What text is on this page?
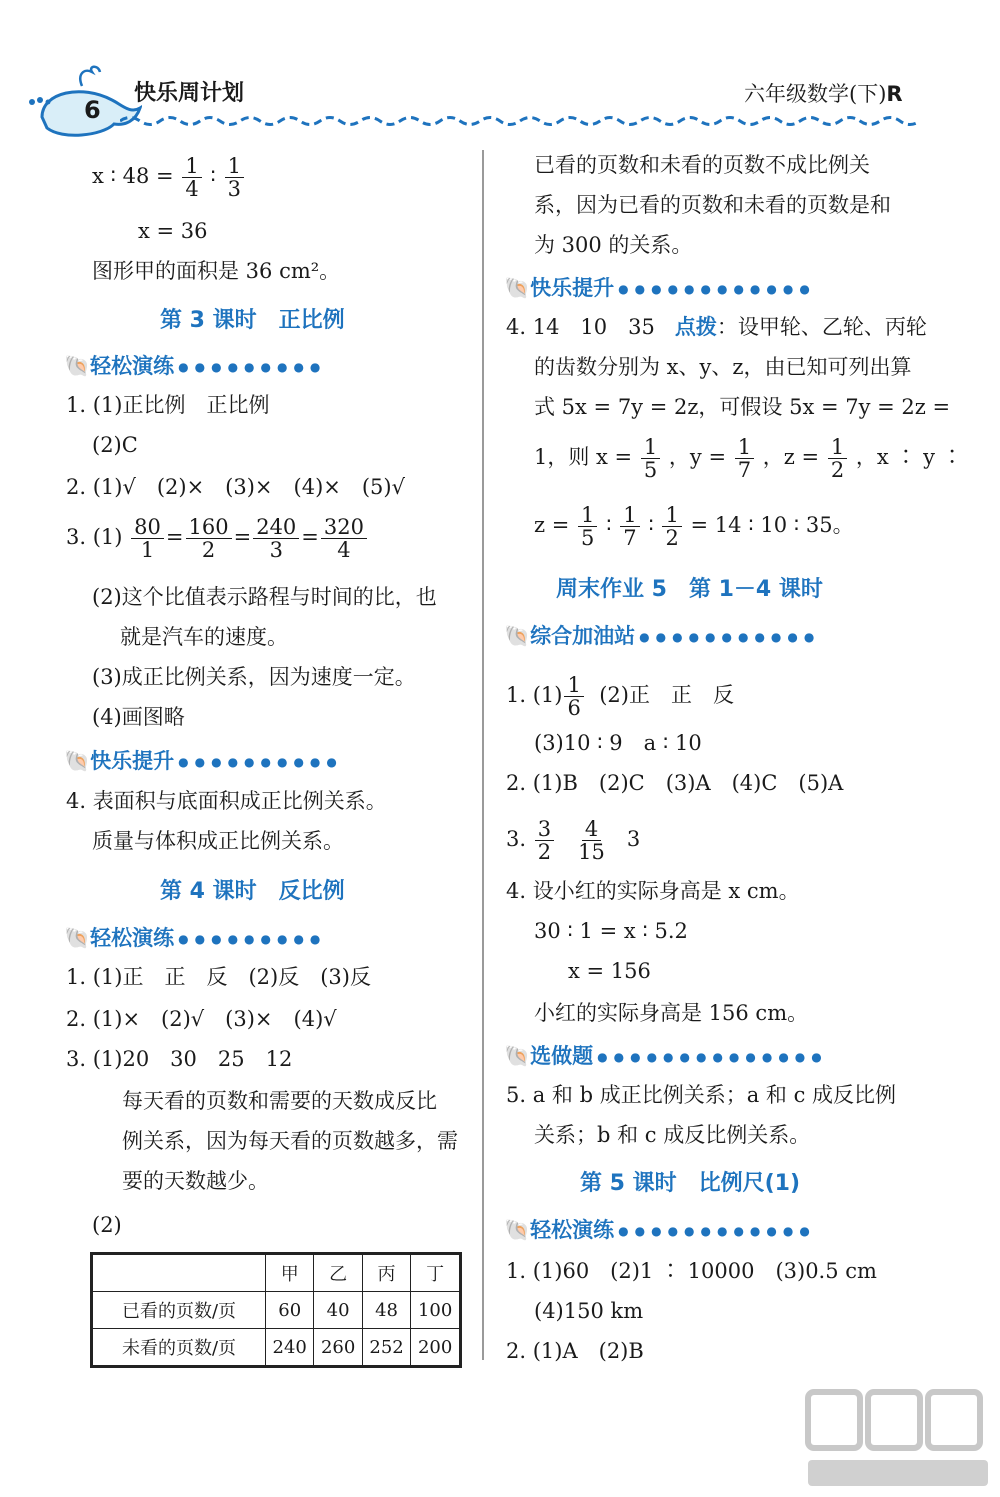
6
快乐周计划	六年级数学(下)R
x ∶ $48 = \frac{1}{4}$ ∶ $\frac{1}{3}$
x = 36
图形甲的面积是 36 cm²。
第 3 课时　正比例
🐚轻松演练 ●●●●●●●●●
1. (1)正比例　正比例
(2)C
2. (1)√　(2)×　(3)×　(4)×　(5)√
3. $(1) \frac{80}{1} = \frac{160}{2} = \frac{240}{3} = \frac{320}{4}$
(2)这个比值表示路程与时间的比，也
就是汽车的速度。
(3)成正比例关系，因为速度一定。
(4)画图略
🐚快乐提升 ●●●●●●●●●●
4. 表面积与底面积成正比例关系。
质量与体积成正比例关系。
第 4 课时　反比例
🐚轻松演练 ●●●●●●●●●
1. (1)正　正　反　(2)反　(3)反
2. (1)×　(2)√　(3)×　(4)√
3. (1)20　30　25　12
每天看的页数和需要的天数成反比
例关系，因为每天看的页数越多，需
要的天数越少。
(2)
	甲	乙	丙	丁
已看的页数/页	60	40	48	100
未看的页数/页	240	260	252	200
已看的页数和未看的页数不成比例关
系，因为已看的页数和未看的页数是和
为 300 的关系。
🐚快乐提升 ●●●●●●●●●●●●
4. 14　10　35 点拨：设甲轮、乙轮、丙轮
的齿数分别为 x、y、z，由已知可列出算
式 5x = 7y = 2z，可假设 5x = 7y = 2z =
1，则 $x = \frac{1}{5}$ ，$y = \frac{1}{7}$ ，$z = \frac{1}{2}$ ，x ∶ y ∶
$z = \frac{1}{5}$ ∶ $\frac{1}{7}$ ∶ $\frac{1}{2} = 14$ ∶ 10 ∶ 35。
周末作业 5　第 1－4 课时
🐚综合加油站 ●●●●●●●●●●●
1. $(1) \frac{1}{6} (2)$正　正　反
(3)10 ∶ 9　a ∶ 10
2. (1)B　(2)C　(3)A　(4)C　(5)A
3. $\frac{3}{2}$
$\frac{4}{15} 3$
4. 设小红的实际身高是 x cm。
30 ∶ 1 = x ∶ 5.2
x = 156
小红的实际身高是 156 cm。
🐚选做题 ●●●●●●●●●●●●●●
5. a 和 b 成正比例关系；a 和 c 成反比例
关系；b 和 c 成反比例关系。
第 5 课时　比例尺(1)
🐚轻松演练 ●●●●●●●●●●●●
1. (1)60　(2)1 ∶ 10000　(3)0.5 cm
(4)150 km
2. (1)A　(2)B
